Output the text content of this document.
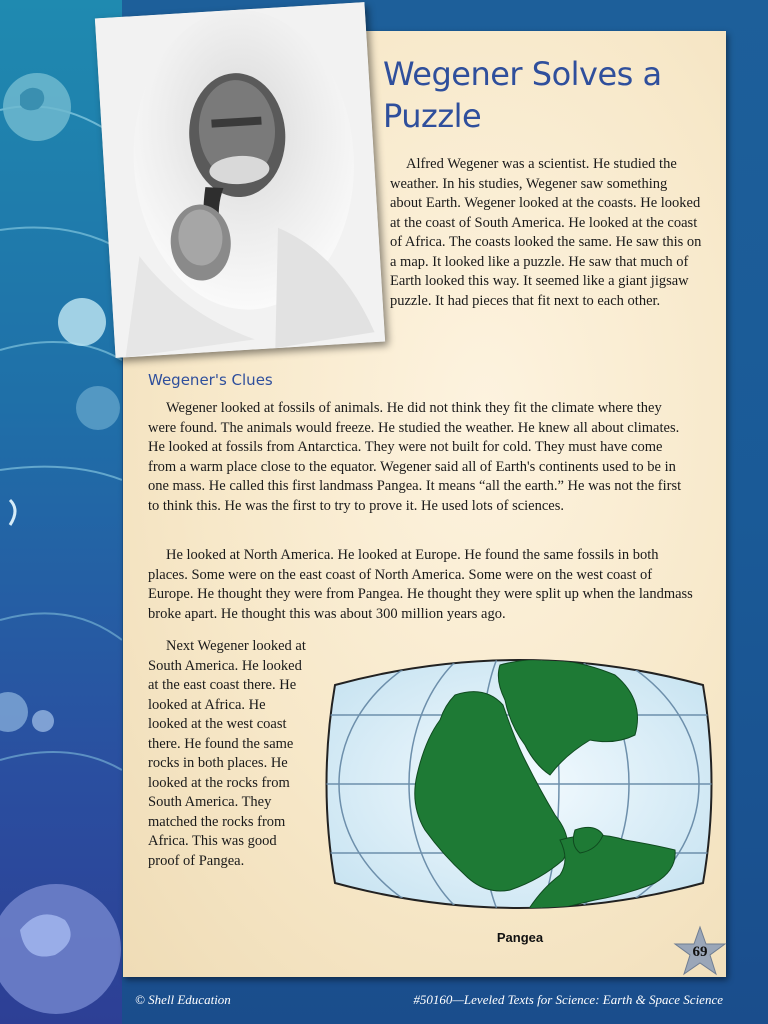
Wegener Solves a Puzzle

Alfred Wegener was a scientist. He studied the weather. In his studies, Wegener saw something about Earth. Wegener looked at the coasts. He looked at the coast of South America. He looked at the coast of Africa. The coasts looked the same. He saw this on a map. It looked like a puzzle. He saw that much of Earth looked this way. It seemed like a giant jigsaw puzzle. It had pieces that fit next to each other.

Wegener's Clues

Wegener looked at fossils of animals. He did not think they fit the climate where they were found. The animals would freeze. He studied the weather. He knew all about climates. He looked at fossils from Antarctica. They were not built for cold. They must have come from a warm place close to the equator. Wegener said all of Earth's continents used to be in one mass. He called this first landmass Pangea. It means “all the earth.” He was not the first to think this. He was the first to try to prove it. He used lots of sciences.

He looked at North America. He looked at Europe. He found the same fossils in both places. Some were on the east coast of North America. Some were on the west coast of Europe. He thought they were from Pangea. He thought they were split up when the landmass broke apart. He thought this was about 300 million years ago.

Next Wegener looked at South America. He looked at the east coast there. He looked at Africa. He looked at the west coast there. He found the same rocks in both places. He looked at the rocks from South America. They matched the rocks from Africa. This was good proof of Pangea.

Pangea
69
© Shell Education	#50160—Leveled Texts for Science: Earth & Space Science
